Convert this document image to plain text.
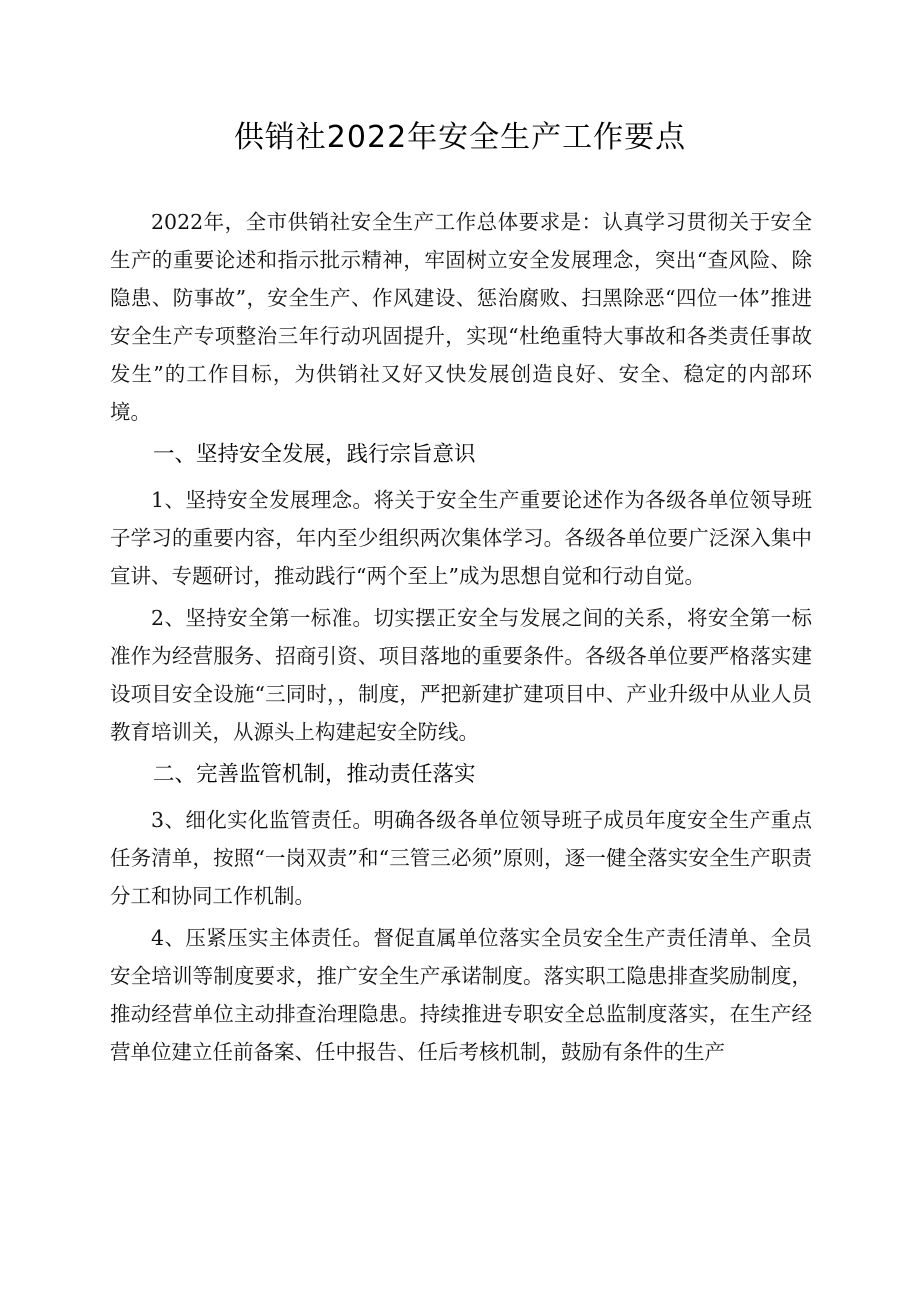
供销社2022年安全生产工作要点

2022年，全市供销社安全生产工作总体要求是：认真学习贯彻关于安全生产的重要论述和指示批示精神，牢固树立安全发展理念，突出“查风险、除隐患、防事故”，安全生产、作风建设、惩治腐败、扫黑除恶“四位一体”推进安全生产专项整治三年行动巩固提升，实现“杜绝重特大事故和各类责任事故发生”的工作目标，为供销社又好又快发展创造良好、安全、稳定的内部环境。

一、坚持安全发展，践行宗旨意识

1、坚持安全发展理念。将关于安全生产重要论述作为各级各单位领导班子学习的重要内容，年内至少组织两次集体学习。各级各单位要广泛深入集中宣讲、专题研讨，推动践行“两个至上”成为思想自觉和行动自觉。

2、坚持安全第一标准。切实摆正安全与发展之间的关系，将安全第一标准作为经营服务、招商引资、项目落地的重要条件。各级各单位要严格落实建设项目安全设施“三同时，，制度，严把新建扩建项目中、产业升级中从业人员教育培训关，从源头上构建起安全防线。

二、完善监管机制，推动责任落实

3、细化实化监管责任。明确各级各单位领导班子成员年度安全生产重点任务清单，按照“一岗双责”和“三管三必须”原则，逐一健全落实安全生产职责分工和协同工作机制。

4、压紧压实主体责任。督促直属单位落实全员安全生产责任清单、全员安全培训等制度要求，推广安全生产承诺制度。落实职工隐患排查奖励制度，推动经营单位主动排查治理隐患。持续推进专职安全总监制度落实，在生产经营单位建立任前备案、任中报告、任后考核机制，鼓励有条件的生产
